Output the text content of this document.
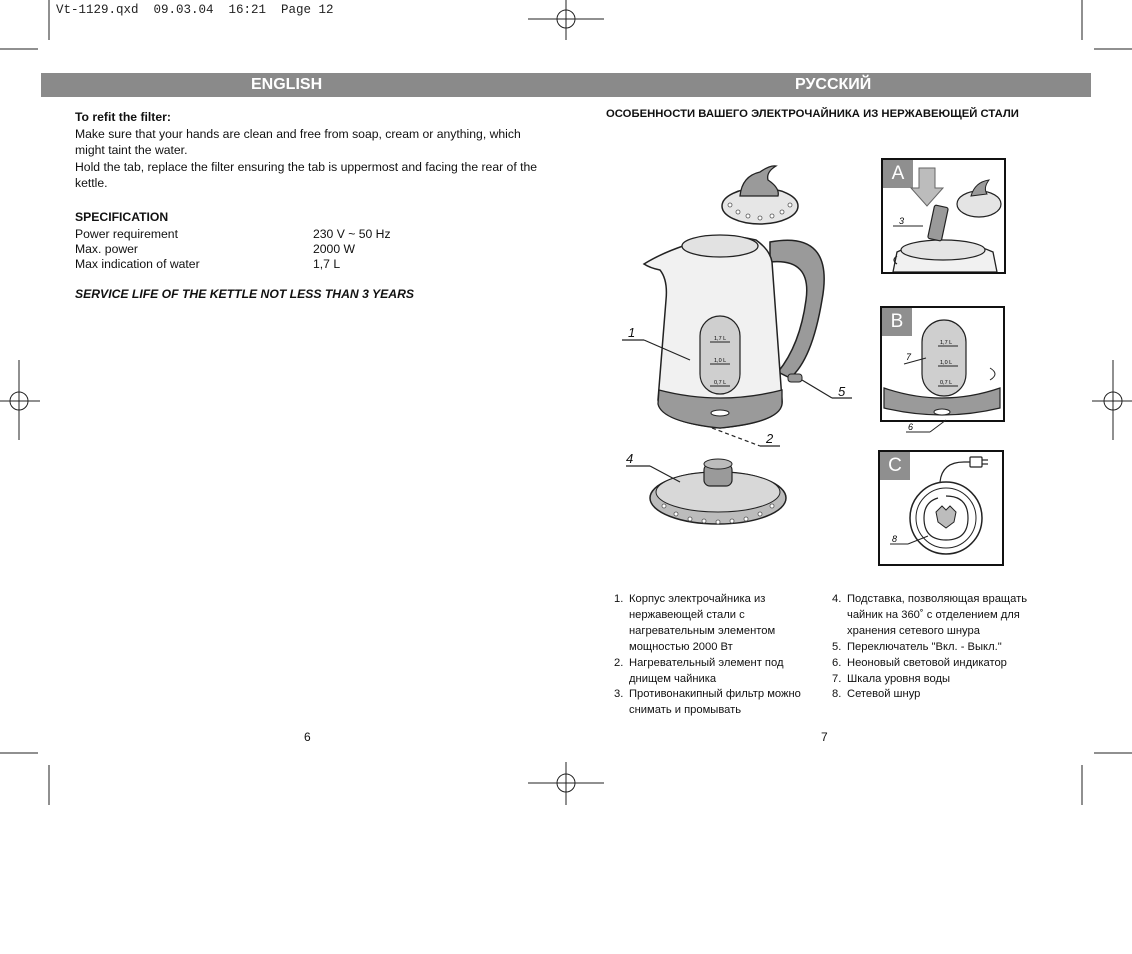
Vt-1129.qxd  09.03.04  16:21  Page 12
ENGLISH	РУССКИЙ
To refit the filter:
Make sure that your hands are clean and free from soap, cream or anything, which might taint the water.
Hold the tab, replace the filter ensuring the tab is uppermost and facing the rear of the kettle.
SPECIFICATION
Power requirement	230 V ~ 50 Hz
Max. power	2000 W
Max indication of water	1,7 L
SERVICE LIFE OF THE KETTLE NOT LESS THAN 3 YEARS
6
ОСОБЕННОСТИ ВАШЕГО ЭЛЕКТРОЧАЙНИКА ИЗ НЕРЖАВЕЮЩЕЙ СТАЛИ
1,7 L
1,0 L
0,7 L
1
2
5
4
A
3
B
1,7 L
1,0 L
0,7 L
7
6
C
8
1. Корпус электрочайника из нержавеющей стали с нагревательным элементом мощностью 2000 Вт
2. Нагревательный элемент под днищем чайника
3. Противонакипный фильтр можно снимать и промывать
4. Подставка, позволяющая вращать чайник на 360˚ с отделением для хранения сетевого шнура
5. Переключатель "Вкл. - Выкл."
6. Неоновый световой индикатор
7. Шкала уровня воды
8. Сетевой шнур
7
